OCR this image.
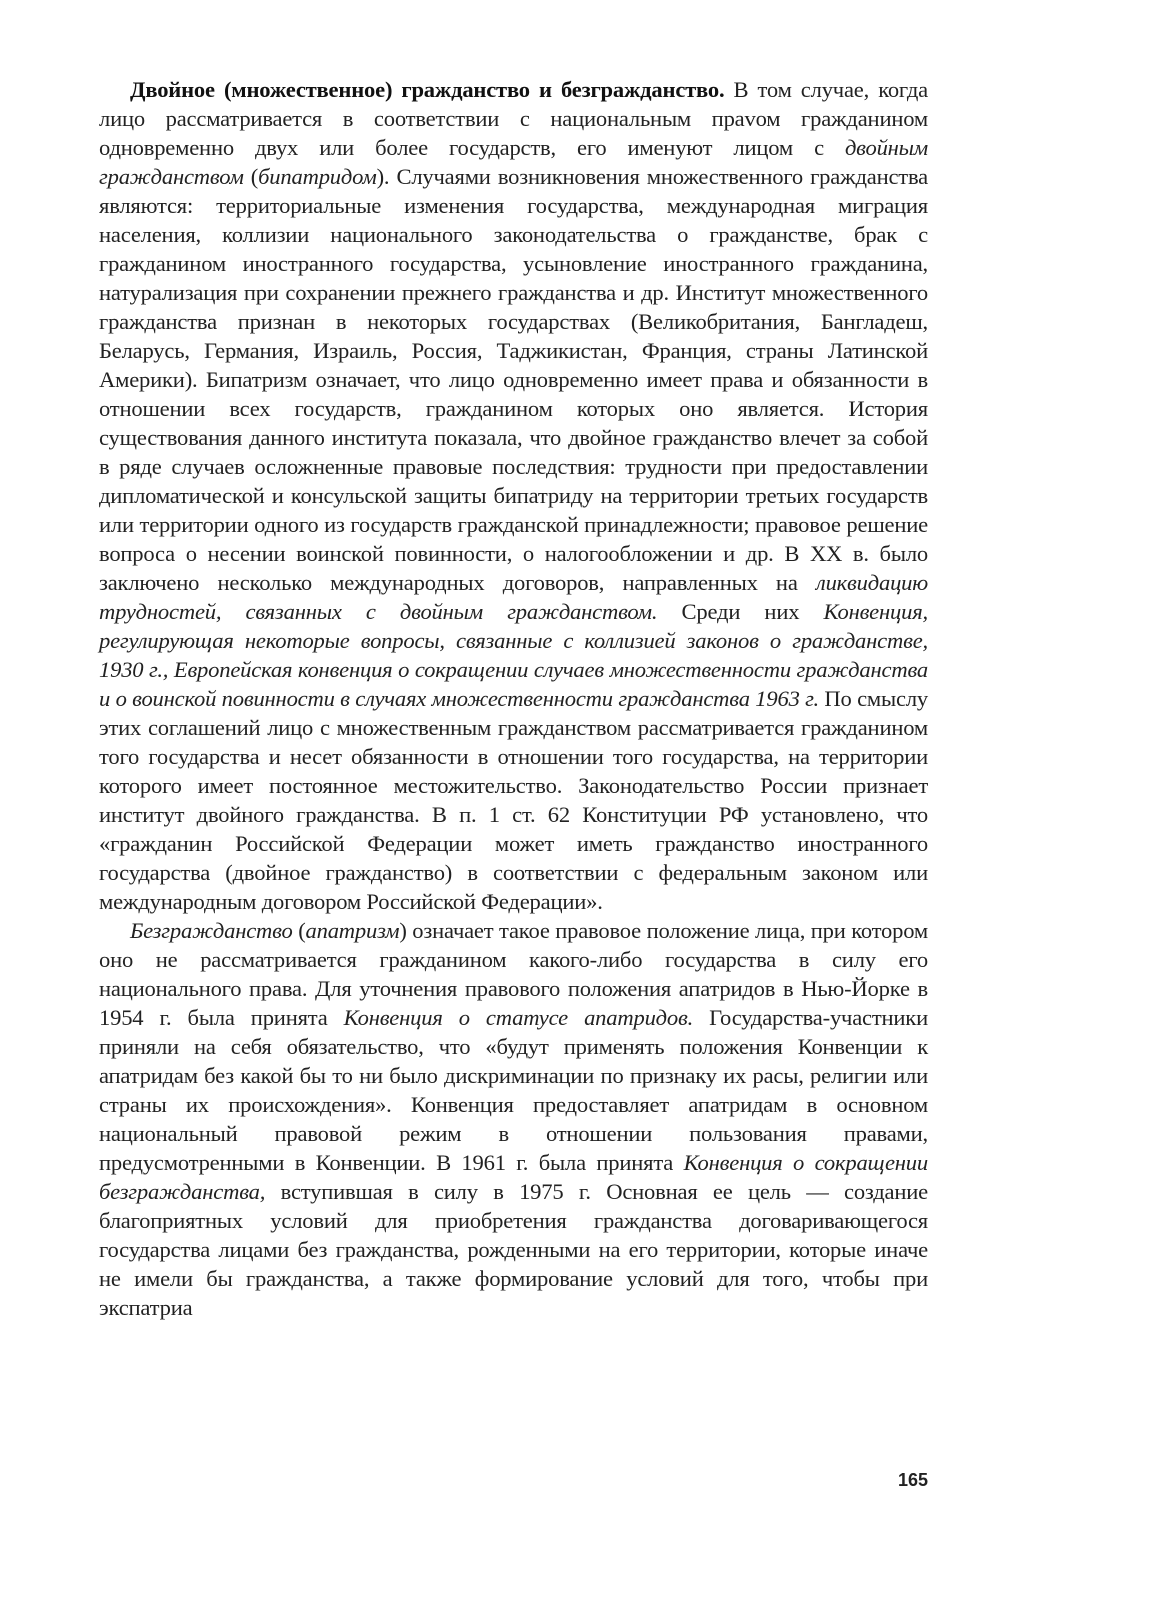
Двойное (множественное) гражданство и безгражданство. В том случае, когда лицо рассматривается в соответствии с национальным праvом гражданином одновременно двух или более государств, его именуют лицом с двойным гражданством (бипатридом). Случаями возникновения множественного гражданства являются: территориальные изменения государства, международная миграция населения, коллизии национального законодательства о гражданстве, брак с гражданином иностранного государства, усыновление иностранного гражданина, натурализация при сохранении прежнего гражданства и др. Институт множественного гражданства признан в некоторых государствах (Великобритания, Бангладеш, Беларусь, Германия, Израиль, Россия, Таджикистан, Франция, страны Латинской Америки). Бипатризм означает, что лицо одновременно имеет права и обязанности в отношении всех государств, гражданином которых оно является. История существования данного института показала, что двойное гражданство влечет за собой в ряде случаев осложненные правовые последствия: трудности при предоставлении дипломатической и консульской защиты бипатриду на территории третьих государств или территории одного из государств гражданской принадлежности; правовое решение вопроса о несении воинской повинности, о налогообложении и др. В XX в. было заключено несколько международных договоров, направленных на ликвидацию трудностей, связанных с двойным гражданством. Среди них Конвенция, регулирующая некоторые вопросы, связанные с коллизией законов о гражданстве, 1930 г., Европейская конвенция о сокращении случаев множественности гражданства и о воинской повинности в случаях множественности гражданства 1963 г. По смыслу этих соглашений лицо с множественным гражданством рассматривается гражданином того государства и несет обязанности в отношении того государства, на территории которого имеет постоянное местожительство. Законодательство России признает институт двойного гражданства. В п. 1 ст. 62 Конституции РФ установлено, что «гражданин Российской Федерации может иметь гражданство иностранного государства (двойное гражданство) в соответствии с федеральным законом или международным договором Российской Федерации».

Безгражданство (апатризм) означает такое правовое положение лица, при котором оно не рассматривается гражданином какого-либо государства в силу его национального права. Для уточнения правового положения апатридов в Нью-Йорке в 1954 г. была принята Конвенция о статусе апатридов. Государства-участники приняли на себя обязательство, что «будут применять положения Конвенции к апатридам без какой бы то ни было дискриминации по признаку их расы, религии или страны их происхождения». Конвенция предоставляет апатридам в основном национальный правовой режим в отношении пользования правами, предусмотренными в Конвенции. В 1961 г. была принята Конвенция о сокращении безгражданства, вступившая в силу в 1975 г. Основная ее цель — создание благоприятных условий для приобретения гражданства договаривающегося государства лицами без гражданства, рожденными на его территории, которые иначе не имели бы гражданства, а также формирование условий для того, чтобы при экспатриа

165
